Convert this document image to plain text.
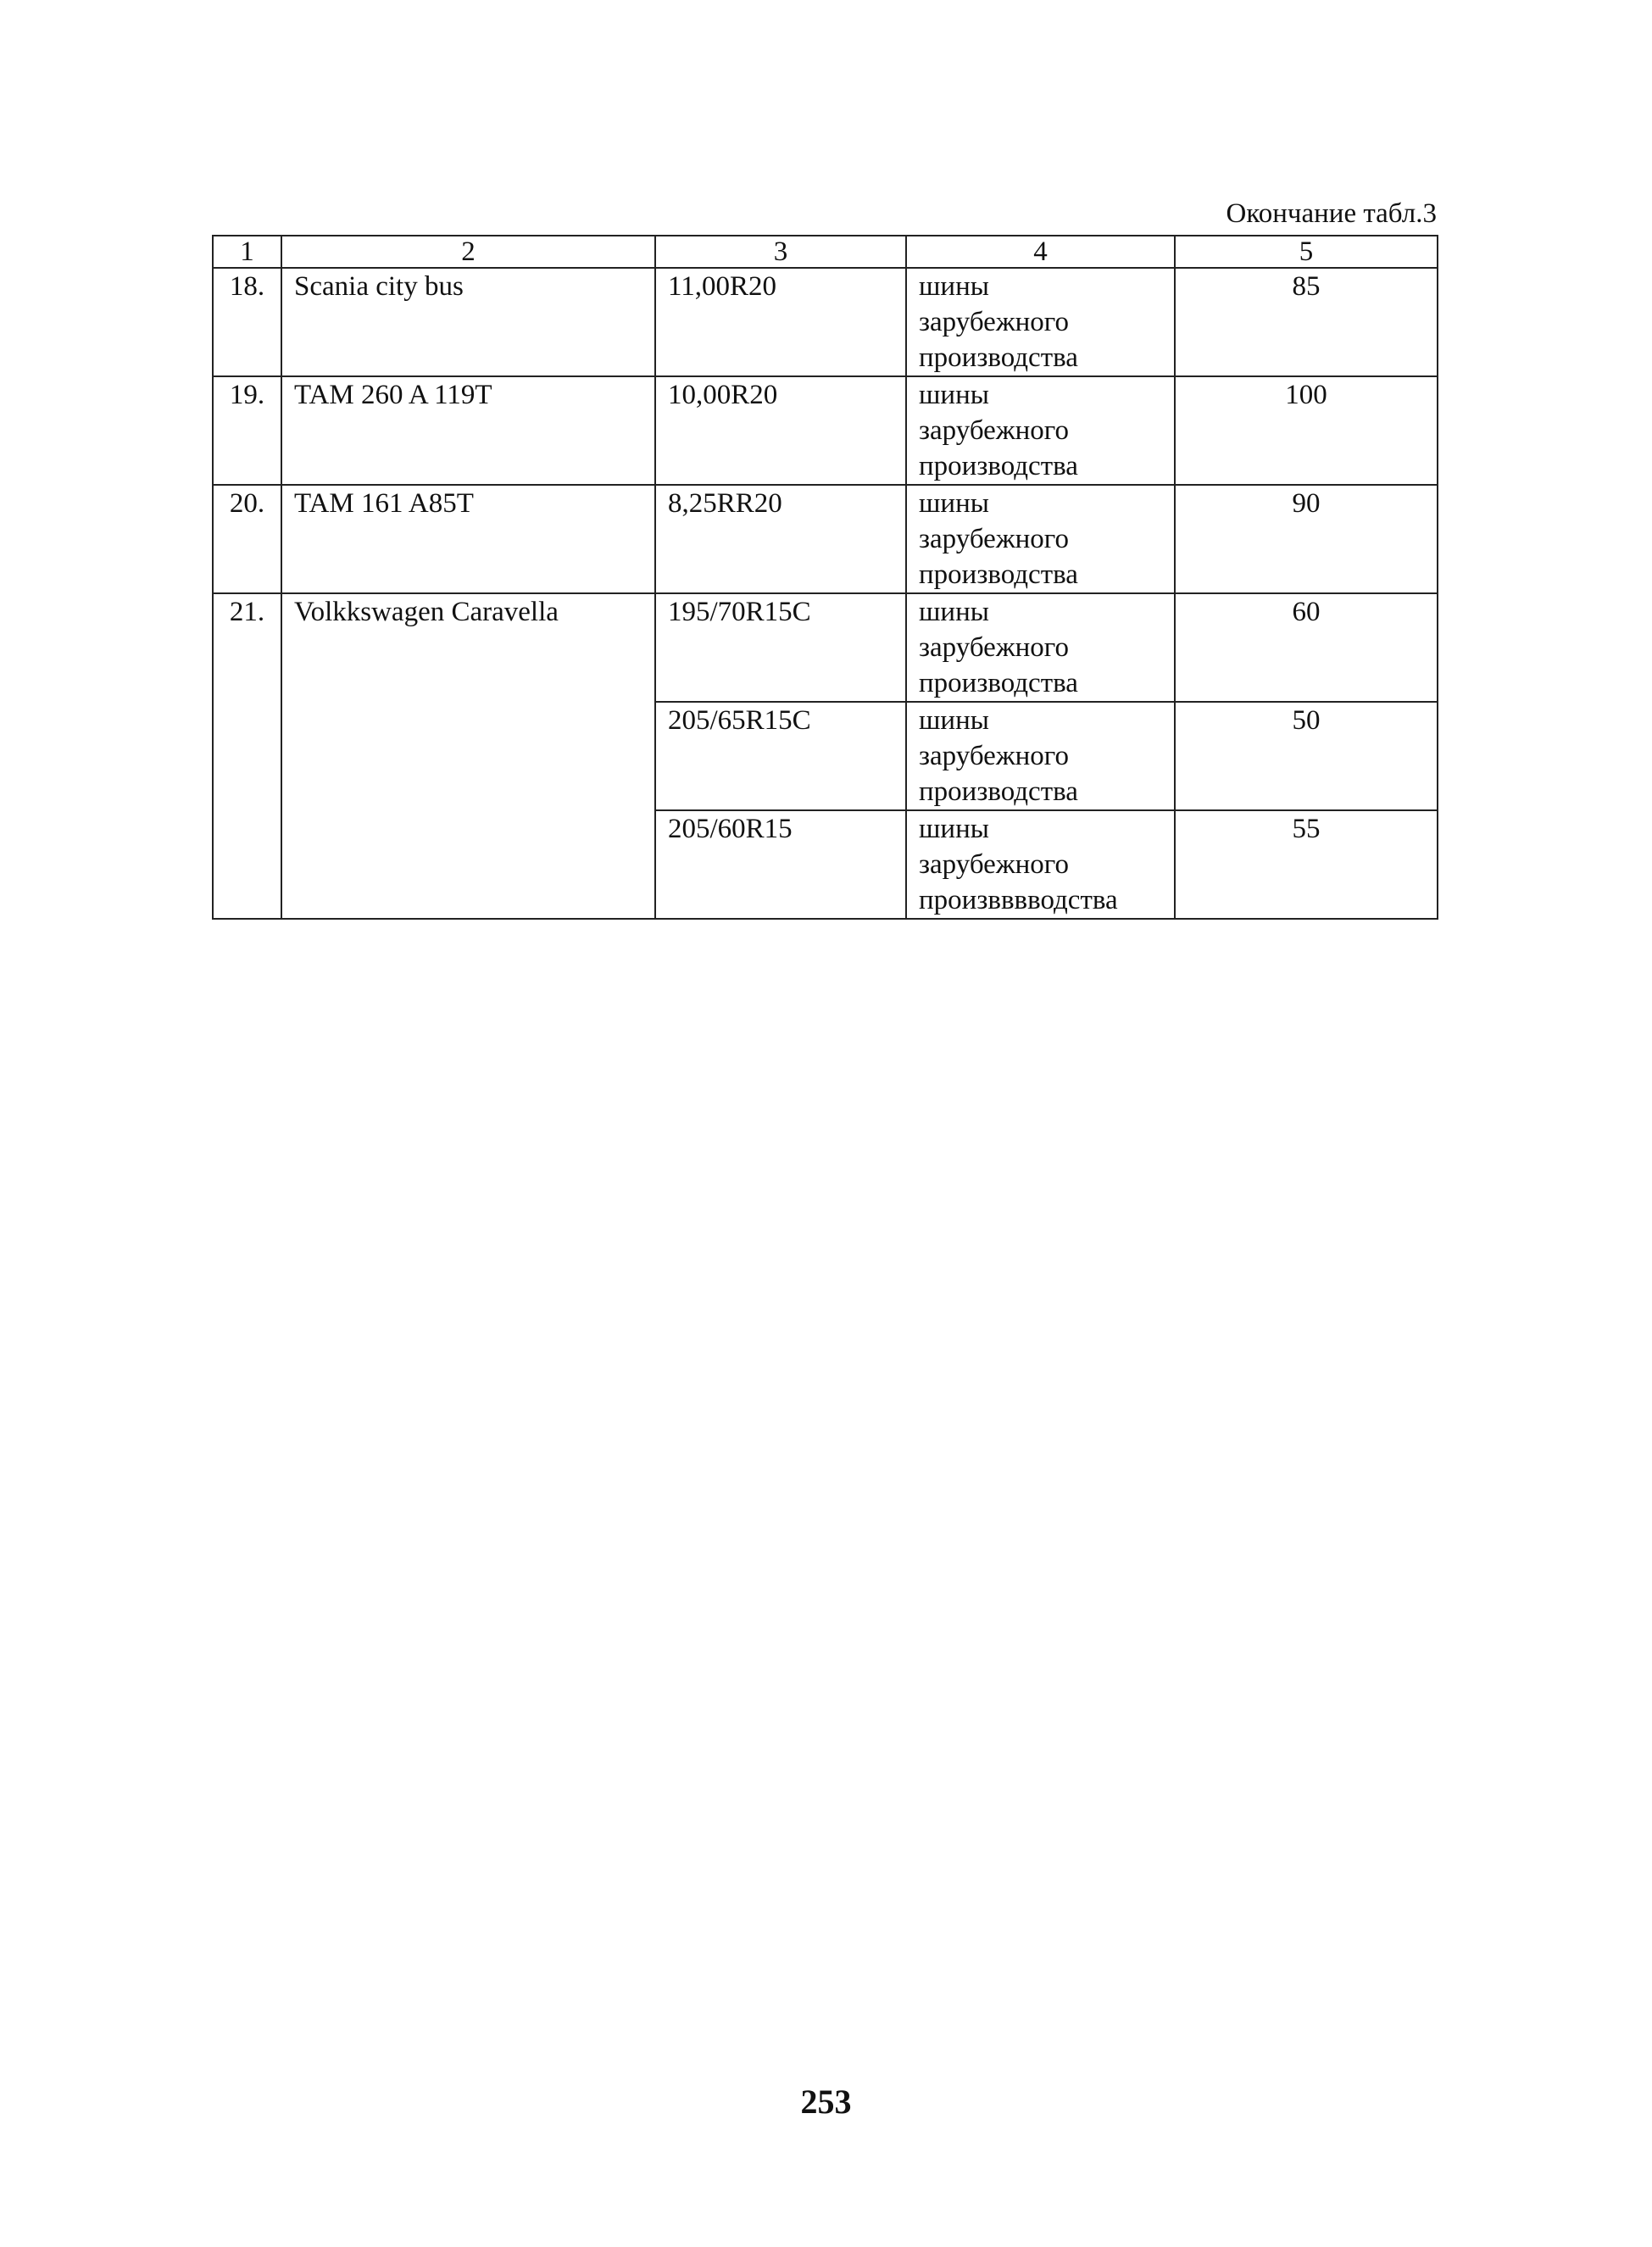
Окончание табл.3
1	2	3	4	5
18.	Scania city bus	11,00R20	шины
зарубежного
производства	85
19.	TAM 260 A 119T	10,00R20	шины
зарубежного
производства	100
20.	TAM 161 A85T	8,25RR20	шины
зарубежного
производства	90
21.	Volkkswagen Caravella	195/70R15C	шины
зарубежного
производства	60
		205/65R15C	шины
зарубежного
производства	50
		205/60R15	шины
зарубежного
произвввводства	55
253
